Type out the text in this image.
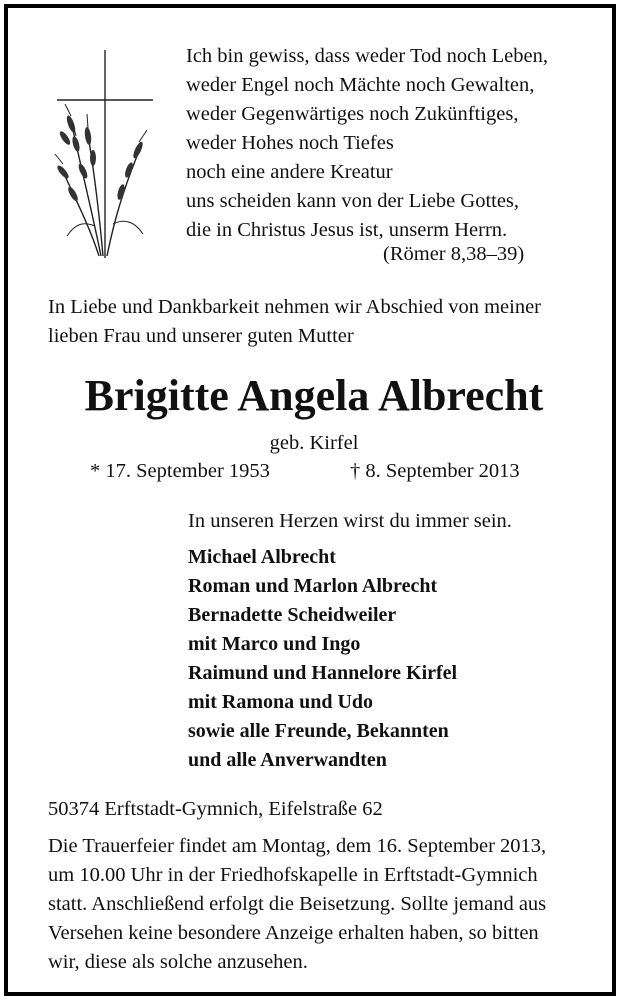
Ich bin gewiss, dass weder Tod noch Leben,
weder Engel noch Mächte noch Gewalten,
weder Gegenwärtiges noch Zukünftiges,
weder Hohes noch Tiefes
noch eine andere Kreatur
uns scheiden kann von der Liebe Gottes,
die in Christus Jesus ist, unserm Herrn.
(Römer 8,38–39)
In Liebe und Dankbarkeit nehmen wir Abschied von meiner
lieben Frau und unserer guten Mutter
Brigitte Angela Albrecht
geb. Kirfel
* 17. September 1953	† 8. September 2013
In unseren Herzen wirst du immer sein.
Michael Albrecht
Roman und Marlon Albrecht
Bernadette Scheidweiler
mit Marco und Ingo
Raimund und Hannelore Kirfel
mit Ramona und Udo
sowie alle Freunde, Bekannten
und alle Anverwandten
50374 Erftstadt-Gymnich, Eifelstraße 62
Die Trauerfeier findet am Montag, dem 16. September 2013,
um 10.00 Uhr in der Friedhofskapelle in Erftstadt-Gymnich
statt. Anschließend erfolgt die Beisetzung. Sollte jemand aus
Versehen keine besondere Anzeige erhalten haben, so bitten
wir, diese als solche anzusehen.
